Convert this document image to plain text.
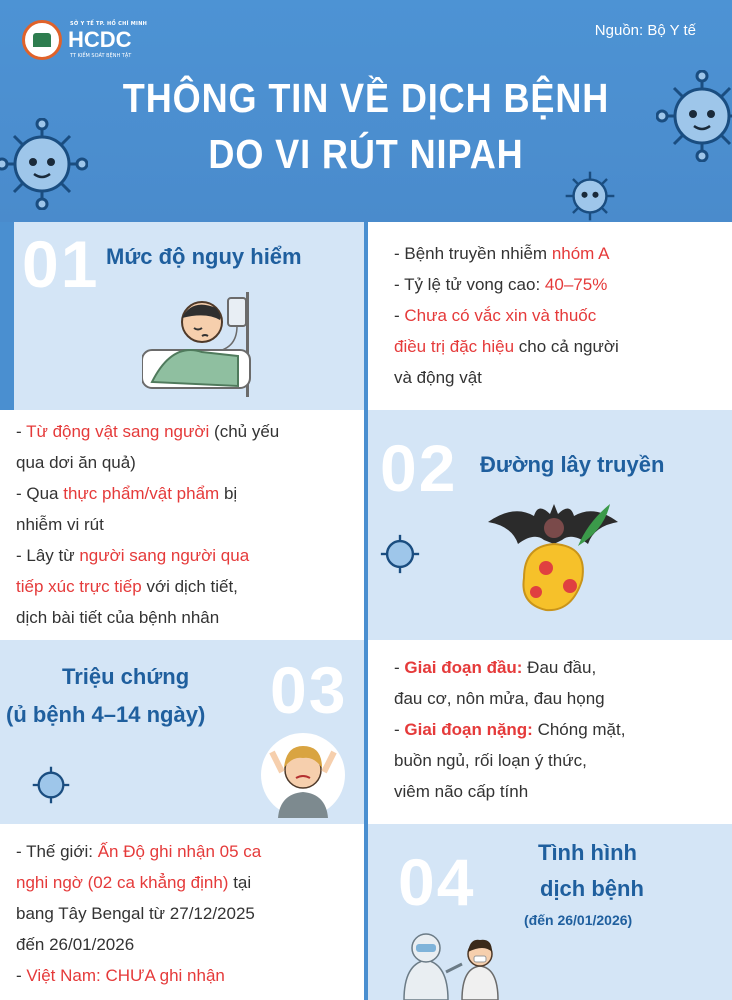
SỞ Y TẾ TP. HỒ CHÍ MINH
HCDC
TT KIỂM SOÁT BỆNH TẬT
Nguồn: Bộ Y tế
THÔNG TIN VỀ DỊCH BỆNH
DO VI RÚT NIPAH
01 Mức độ nguy hiểm	- Bệnh truyền nhiễm nhóm A
- Tỷ lệ tử vong cao: 40–75%
- Chưa có vắc xin và thuốc
điều trị đặc hiệu cho cả người
và động vật
- Từ động vật sang người (chủ yếu
qua dơi ăn quả)
- Qua thực phẩm/vật phẩm bị
nhiễm vi rút
- Lây từ người sang người qua
tiếp xúc trực tiếp với dịch tiết,
dịch bài tiết của bệnh nhân
02 Đường lây truyền
03
Triệu chứng
(ủ bệnh 4–14 ngày)
- Giai đoạn đầu: Đau đầu,
đau cơ, nôn mửa, đau họng
- Giai đoạn nặng: Chóng mặt,
buồn ngủ, rối loạn ý thức,
viêm não cấp tính
- Thế giới: Ấn Độ ghi nhận 05 ca
nghi ngờ (02 ca khẳng định) tại
bang Tây Bengal từ 27/12/2025
đến 26/01/2026
- Việt Nam: CHƯA ghi nhận
04	Tình hình
dịch bệnh
(đến 26/01/2026)
